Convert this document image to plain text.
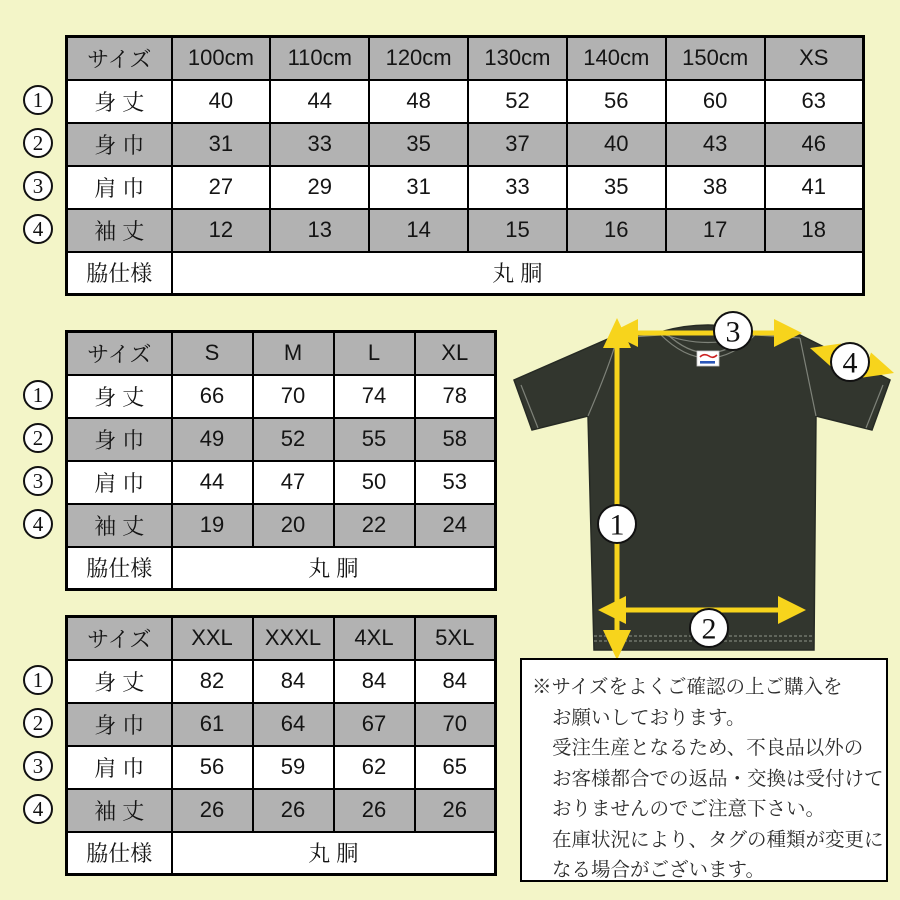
サイズ	100cm	110cm	120cm	130cm	140cm	150cm	XS
身 丈	40	44	48	52	56	60	63
身 巾	31	33	35	37	40	43	46
肩 巾	27	29	31	33	35	38	41
袖 丈	12	13	14	15	16	17	18
脇仕様	丸 胴						
サイズ	S	M	L	XL
身 丈	66	70	74	78
身 巾	49	52	55	58
肩 巾	44	47	50	53
袖 丈	19	20	22	24
脇仕様	丸 胴			
サイズ	XXL	XXXL	4XL	5XL
身 丈	82	84	84	84
身 巾	61	64	67	70
肩 巾	56	59	62	65
袖 丈	26	26	26	26
脇仕様	丸 胴			
1
2
3
4
1
2
3
4
1
2
3
4
3
4
1
2
※サイズをよくご確認の上ご購入を
お願いしております。
受注生産となるため、不良品以外の
お客様都合での返品・交換は受付けて
おりませんのでご注意下さい。
在庫状況により、タグの種類が変更に
なる場合がございます。
